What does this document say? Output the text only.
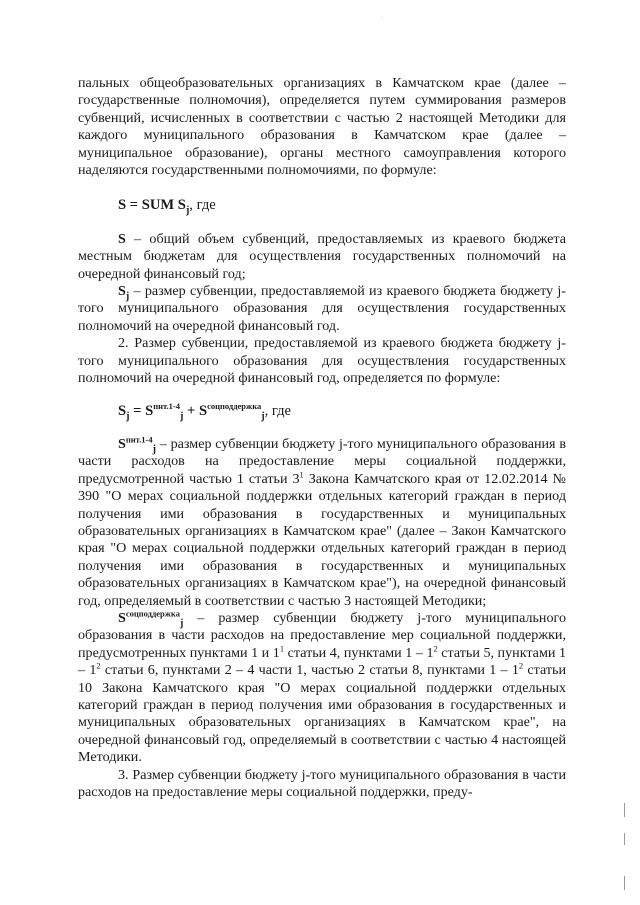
·

пальных общеобразовательных организациях в Камчатском крае (далее – государственные полномочия), определяется путем суммирования размеров субвенций, исчисленных в соответствии с частью 2 настоящей Методики для каждого муниципального образования в Камчатском крае (далее – муниципальное образование), органы местного самоуправления которого наделяются государственными полномочиями, по формуле:

S = SUM $S_j$, где

S – общий объем субвенций, предоставляемых из краевого бюджета местным бюджетам для осуществления государственных полномочий на очередной финансовый год;

$S_j$ – размер субвенции, предоставляемой из краевого бюджета бюджету j-того муниципального образования для осуществления государственных полномочий на очередной финансовый год.

2. Размер субвенции, предоставляемой из краевого бюджета бюджету j-того муниципального образования для осуществления государственных полномочий на очередной финансовый год, определяется по формуле:

$S_j = S^{пнт.1-4}_j + S^{соцподдержка}_j$, где

$S^{пнт.1-4}_j$ – размер субвенции бюджету j-того муниципального образования в части расходов на предоставление меры социальной поддержки, предусмотренной частью 1 статьи $3^1$ Закона Камчатского края от 12.02.2014 № 390 "О мерах социальной поддержки отдельных категорий граждан в период получения ими образования в государственных и муниципальных образовательных организациях в Камчатском крае" (далее – Закон Камчатского края "О мерах социальной поддержки отдельных категорий граждан в период получения ими образования в государственных и муниципальных образовательных организациях в Камчатском крае"), на очередной финансовый год, определяемый в соответствии с частью 3 настоящей Методики;

$S^{соцподдержка}_j$ – размер субвенции бюджету j-того муниципального образования в части расходов на предоставление мер социальной поддержки, предусмотренных пунктами 1 и $1^1$ статьи 4, пунктами $1 - 1^2$ статьи 5, пунктами $1 - 1^2$ статьи 6, пунктами 2 – 4 части 1, частью 2 статьи 8, пунктами $1 - 1^2$ статьи 10 Закона Камчатского края "О мерах социальной поддержки отдельных категорий граждан в период получения ими образования в государственных и муниципальных образовательных организациях в Камчатском крае", на очередной финансовый год, определяемый в соответствии с частью 4 настоящей Методики.

3. Размер субвенции бюджету j-того муниципального образования в части расходов на предоставление меры социальной поддержки, преду-
